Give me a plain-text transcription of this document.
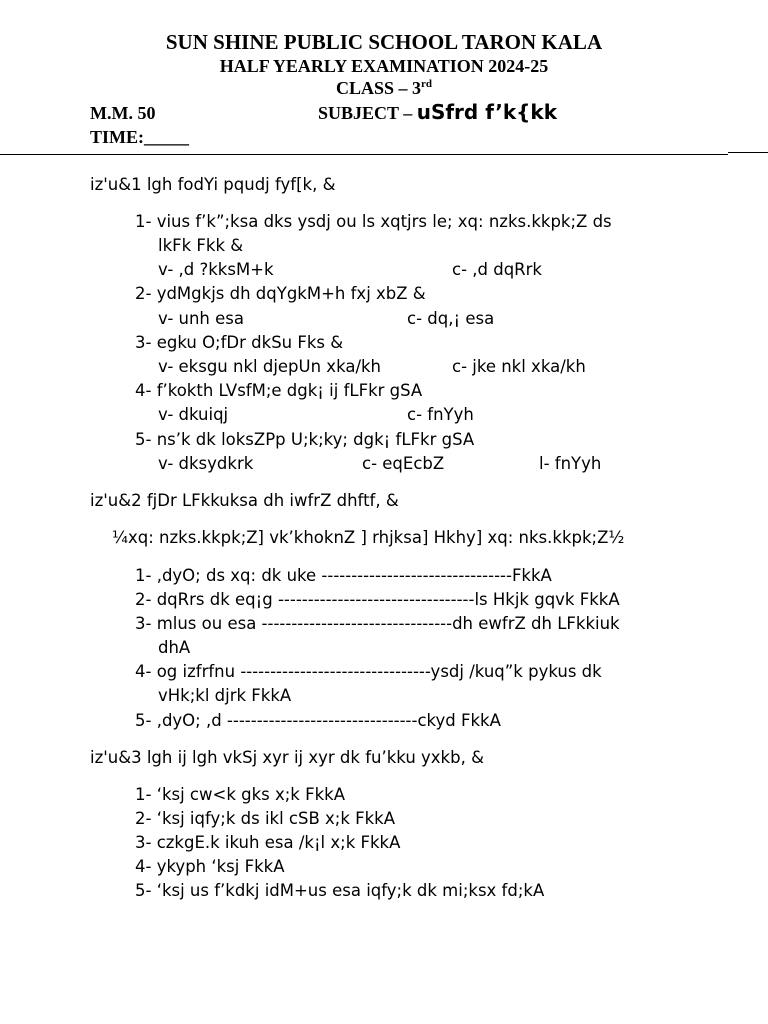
SUN SHINE PUBLIC SCHOOL TARON KALA
HALF YEARLY EXAMINATION 2024-25
CLASS – 3rd
M.M. 50	SUBJECT – uSfrd f’k{kk
TIME:_____
iz'u&1 lgh fodYi pqudj fyf[k, &
1- vius f’k”;ksa dks ysdj ou ls xqtjrs le; xq: nzks.kkpk;Z ds
lkFk Fkk &
v- ,d ?kksM+k	c- ,d dqRrk
2- ydMgkjs dh dqYgkM+h fxj xbZ &
v- unh esa	c- dq,¡ esa
3- egku O;fDr dkSu Fks &
v- eksgu nkl djepUn xka/kh	c- jke nkl xka/kh
4- f’kokth LVsfM;e dgk¡ ij fLFkr gSA
v- dkuiqj	c- fnYyh
5- ns’k dk loksZPp U;k;ky; dgk¡ fLFkr gSA
v- dksydkrk	c- eqEcbZ	l- fnYyh
iz'u&2 fjDr LFkkuksa dh iwfrZ dhftf, &
¼xq: nzks.kkpk;Z] vk’khoknZ ] rhjksa] Hkhy] xq: nks.kkpk;Z½
1- ,dyO; ds xq: dk uke --------------------------------FkkA
2- dqRrs dk eq¡g ---------------------------------ls Hkjk gqvk FkkA
3- mlus ou esa --------------------------------dh ewfrZ dh LFkkiuk
dhA
4- og izfrfnu --------------------------------ysdj /kuq”k pykus dk
vHk;kl djrk FkkA
5- ,dyO; ,d --------------------------------ckyd FkkA
iz'u&3 lgh ij lgh vkSj xyr ij xyr dk fu’kku yxkb, &
1- ‘ksj cw<k gks x;k FkkA
2- ‘ksj iqfy;k ds ikl cSB x;k FkkA
3- czkgE.k ikuh esa /k¡l x;k FkkA
4- ykyph ‘ksj FkkA
5- ‘ksj us f’kdkj idM+us esa iqfy;k dk mi;ksx fd;kA
